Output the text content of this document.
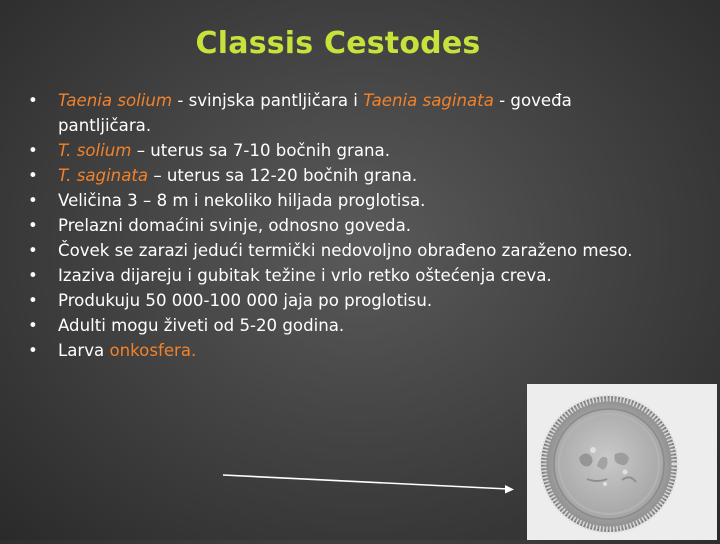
Classis Cestodes
• Taenia solium - svinjska pantljičara i Taenia saginata - goveđa pantljičara.
• T. solium – uterus sa 7-10 bočnih grana.
• T. saginata – uterus sa 12-20 bočnih grana.
• Veličina 3 – 8 m i nekoliko hiljada proglotisa.
• Prelazni domaćini svinje, odnosno goveda.
• Čovek se zarazi jedući termički nedovoljno obrađeno zaraženo meso.
• Izaziva dijareju i gubitak težine i vrlo retko oštećenja creva.
• Produkuju 50 000-100 000 jaja po proglotisu.
• Adulti mogu živeti od 5-20 godina.
• Larva onkosfera.
